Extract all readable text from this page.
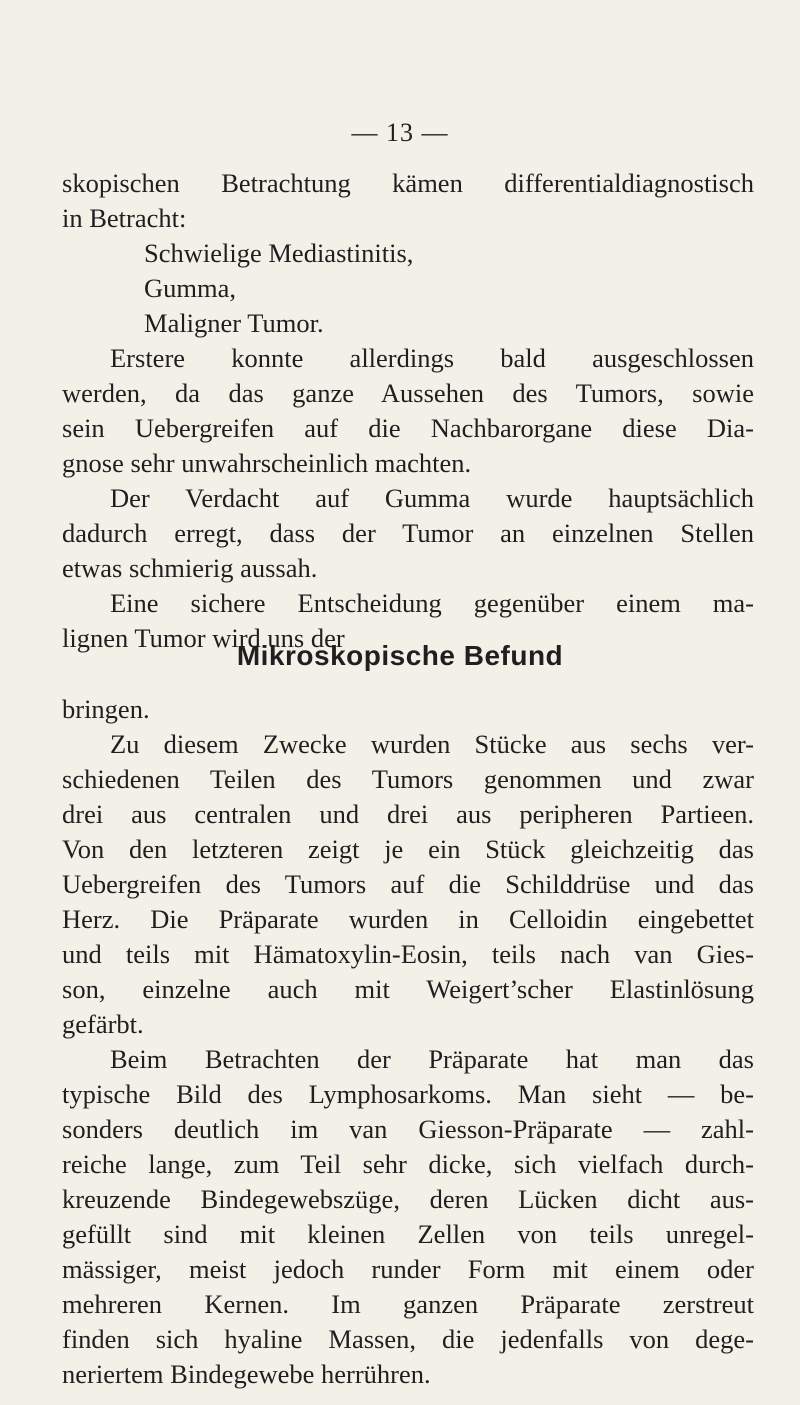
— 13 —
skopischen Betrachtung kämen differentialdiagnostisch
in Betracht:
Schwielige Mediastinitis,
Gumma,
Maligner Tumor.
Erstere konnte allerdings bald ausgeschlossen
werden, da das ganze Aussehen des Tumors, sowie
sein Uebergreifen auf die Nachbarorgane diese Dia-
gnose sehr unwahrscheinlich machten.
Der Verdacht auf Gumma wurde hauptsächlich
dadurch erregt, dass der Tumor an einzelnen Stellen
etwas schmierig aussah.
Eine sichere Entscheidung gegenüber einem ma-
lignen Tumor wird uns der
Mikroskopische Befund
bringen.
Zu diesem Zwecke wurden Stücke aus sechs ver-
schiedenen Teilen des Tumors genommen und zwar
drei aus centralen und drei aus peripheren Partieen.
Von den letzteren zeigt je ein Stück gleichzeitig das
Uebergreifen des Tumors auf die Schilddrüse und das
Herz. Die Präparate wurden in Celloidin eingebettet
und teils mit Hämatoxylin-Eosin, teils nach van Gies-
son, einzelne auch mit Weigert’scher Elastinlösung
gefärbt.
Beim Betrachten der Präparate hat man das
typische Bild des Lymphosarkoms. Man sieht — be-
sonders deutlich im van Giesson-Präparate — zahl-
reiche lange, zum Teil sehr dicke, sich vielfach durch-
kreuzende Bindegewebszüge, deren Lücken dicht aus-
gefüllt sind mit kleinen Zellen von teils unregel-
mässiger, meist jedoch runder Form mit einem oder
mehreren Kernen. Im ganzen Präparate zerstreut
finden sich hyaline Massen, die jedenfalls von dege-
neriertem Bindegewebe herrühren.
